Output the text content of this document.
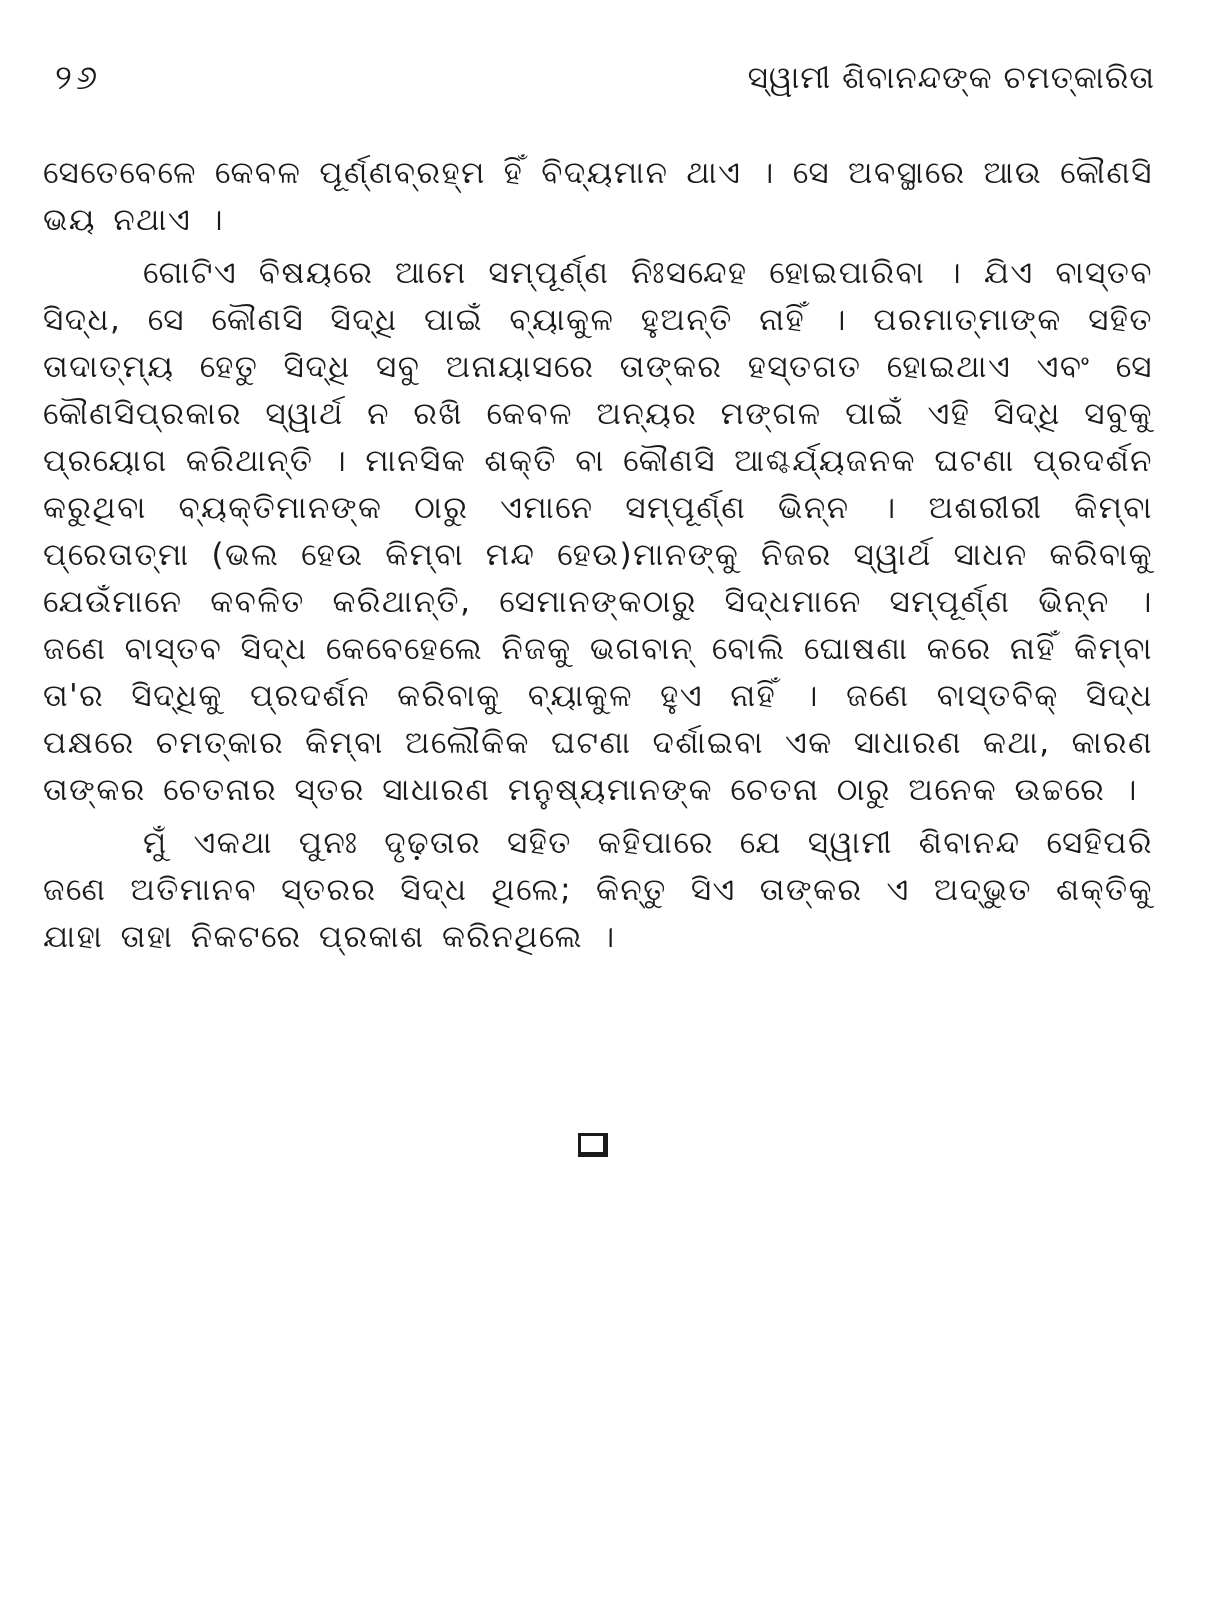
୨୬	ସ୍ୱାମୀ ଶିବାନନ୍ଦଙ୍କ ଚମତ୍କାରିତା

ସେତେବେଳେ କେବଳ ପୂର୍ଣ୍ଣବ୍ରହ୍ମ ହିଁ ବିଦ୍ୟମାନ ଥାଏ । ସେ ଅବସ୍ଥାରେ ଆଉ କୌଣସି ଭୟ ନଥାଏ ।

ଗୋଟିଏ ବିଷୟରେ ଆମେ ସମ୍ପୂର୍ଣ୍ଣ ନିଃସନ୍ଦେହ ହୋଇପାରିବା । ଯିଏ ବାସ୍ତବ ସିଦ୍ଧ, ସେ କୌଣସି ସିଦ୍ଧି ପାଇଁ ବ୍ୟାକୁଳ ହୁଅନ୍ତି ନାହିଁ । ପରମାତ୍ମାଙ୍କ ସହିତ ତାଦାତ୍ମ୍ୟ ହେତୁ ସିଦ୍ଧି ସବୁ ଅନାୟାସରେ ତାଙ୍କର ହସ୍ତଗତ ହୋଇଥାଏ ଏବଂ ସେ କୌଣସିପ୍ରକାର ସ୍ୱାର୍ଥ ନ ରଖି କେବଳ ଅନ୍ୟର ମଙ୍ଗଳ ପାଇଁ ଏହି ସିଦ୍ଧି ସବୁକୁ ପ୍ରୟୋଗ କରିଥାନ୍ତି । ମାନସିକ ଶକ୍ତି ବା କୌଣସି ଆଶ୍ଚର୍ଯ୍ୟଜନକ ଘଟଣା ପ୍ରଦର୍ଶନ କରୁଥିବା ବ୍ୟକ୍ତିମାନଙ୍କ ଠାରୁ ଏମାନେ ସମ୍ପୂର୍ଣ୍ଣ ଭିନ୍ନ । ଅଶରୀରୀ କିମ୍ବା ପ୍ରେତାତ୍ମା (ଭଲ ହେଉ କିମ୍ବା ମନ୍ଦ ହେଉ)ମାନଙ୍କୁ ନିଜର ସ୍ୱାର୍ଥ ସାଧନ କରିବାକୁ ଯେଉଁମାନେ କବଳିତ କରିଥାନ୍ତି, ସେମାନଙ୍କଠାରୁ ସିଦ୍ଧମାନେ ସମ୍ପୂର୍ଣ୍ଣ ଭିନ୍ନ । ଜଣେ ବାସ୍ତବ ସିଦ୍ଧ କେବେହେଲେ ନିଜକୁ ଭଗବାନ୍ ବୋଲି ଘୋଷଣା କରେ ନାହିଁ କିମ୍ବା ତା'ର ସିଦ୍ଧିକୁ ପ୍ରଦର୍ଶନ କରିବାକୁ ବ୍ୟାକୁଳ ହୁଏ ନାହିଁ । ଜଣେ ବାସ୍ତବିକ୍ ସିଦ୍ଧ ପକ୍ଷରେ ଚମତ୍କାର କିମ୍ବା ଅଲୌକିକ ଘଟଣା ଦର୍ଶାଇବା ଏକ ସାଧାରଣ କଥା, କାରଣ ତାଙ୍କର ଚେତନାର ସ୍ତର ସାଧାରଣ ମନୁଷ୍ୟମାନଙ୍କ ଚେତନା ଠାରୁ ଅନେକ ଉଚ୍ଚରେ ।

ମୁଁ ଏକଥା ପୁନଃ ଦୃଢ଼ତାର ସହିତ କହିପାରେ ଯେ ସ୍ୱାମୀ ଶିବାନନ୍ଦ ସେହିପରି ଜଣେ ଅତିମାନବ ସ୍ତରର ସିଦ୍ଧ ଥିଲେ; କିନ୍ତୁ ସିଏ ତାଙ୍କର ଏ ଅଦ୍ଭୁତ ଶକ୍ତିକୁ ଯାହା ତାହା ନିକଟରେ ପ୍ରକାଶ କରିନଥିଲେ ।
